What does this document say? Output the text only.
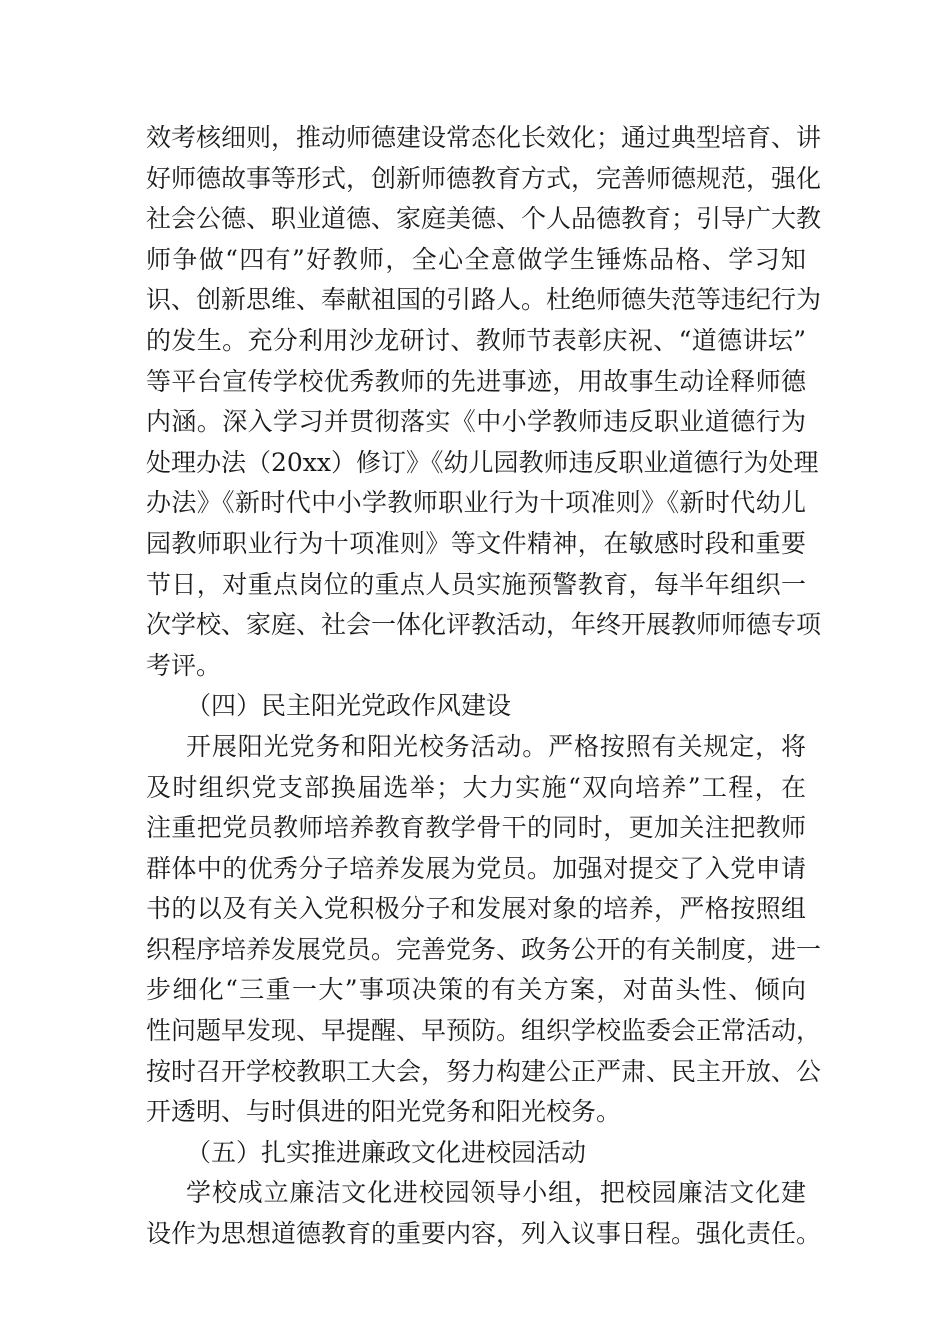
效考核细则，推动师德建设常态化长效化；通过典型培育、讲
好师德故事等形式，创新师德教育方式，完善师德规范，强化
社会公德、职业道德、家庭美德、个人品德教育；引导广大教
师争做“四有”好教师，全心全意做学生锤炼品格、学习知
识、创新思维、奉献祖国的引路人。杜绝师德失范等违纪行为
的发生。充分利用沙龙研讨、教师节表彰庆祝、“道德讲坛”
等平台宣传学校优秀教师的先进事迹，用故事生动诠释师德
内涵。深入学习并贯彻落实《中小学教师违反职业道德行为
处理办法（20xx）修订》《幼儿园教师违反职业道德行为处理
办法》《新时代中小学教师职业行为十项准则》《新时代幼儿
园教师职业行为十项准则》等文件精神，在敏感时段和重要
节日，对重点岗位的重点人员实施预警教育，每半年组织一
次学校、家庭、社会一体化评教活动，年终开展教师师德专项
考评。
（四）民主阳光党政作风建设
开展阳光党务和阳光校务活动。严格按照有关规定，将
及时组织党支部换届选举；大力实施“双向培养”工程，在
注重把党员教师培养教育教学骨干的同时，更加关注把教师
群体中的优秀分子培养发展为党员。加强对提交了入党申请
书的以及有关入党积极分子和发展对象的培养，严格按照组
织程序培养发展党员。完善党务、政务公开的有关制度，进一
步细化“三重一大”事项决策的有关方案，对苗头性、倾向
性问题早发现、早提醒、早预防。组织学校监委会正常活动，
按时召开学校教职工大会，努力构建公正严肃、民主开放、公
开透明、与时俱进的阳光党务和阳光校务。
（五）扎实推进廉政文化进校园活动
学校成立廉洁文化进校园领导小组，把校园廉洁文化建
设作为思想道德教育的重要内容，列入议事日程。强化责任。
